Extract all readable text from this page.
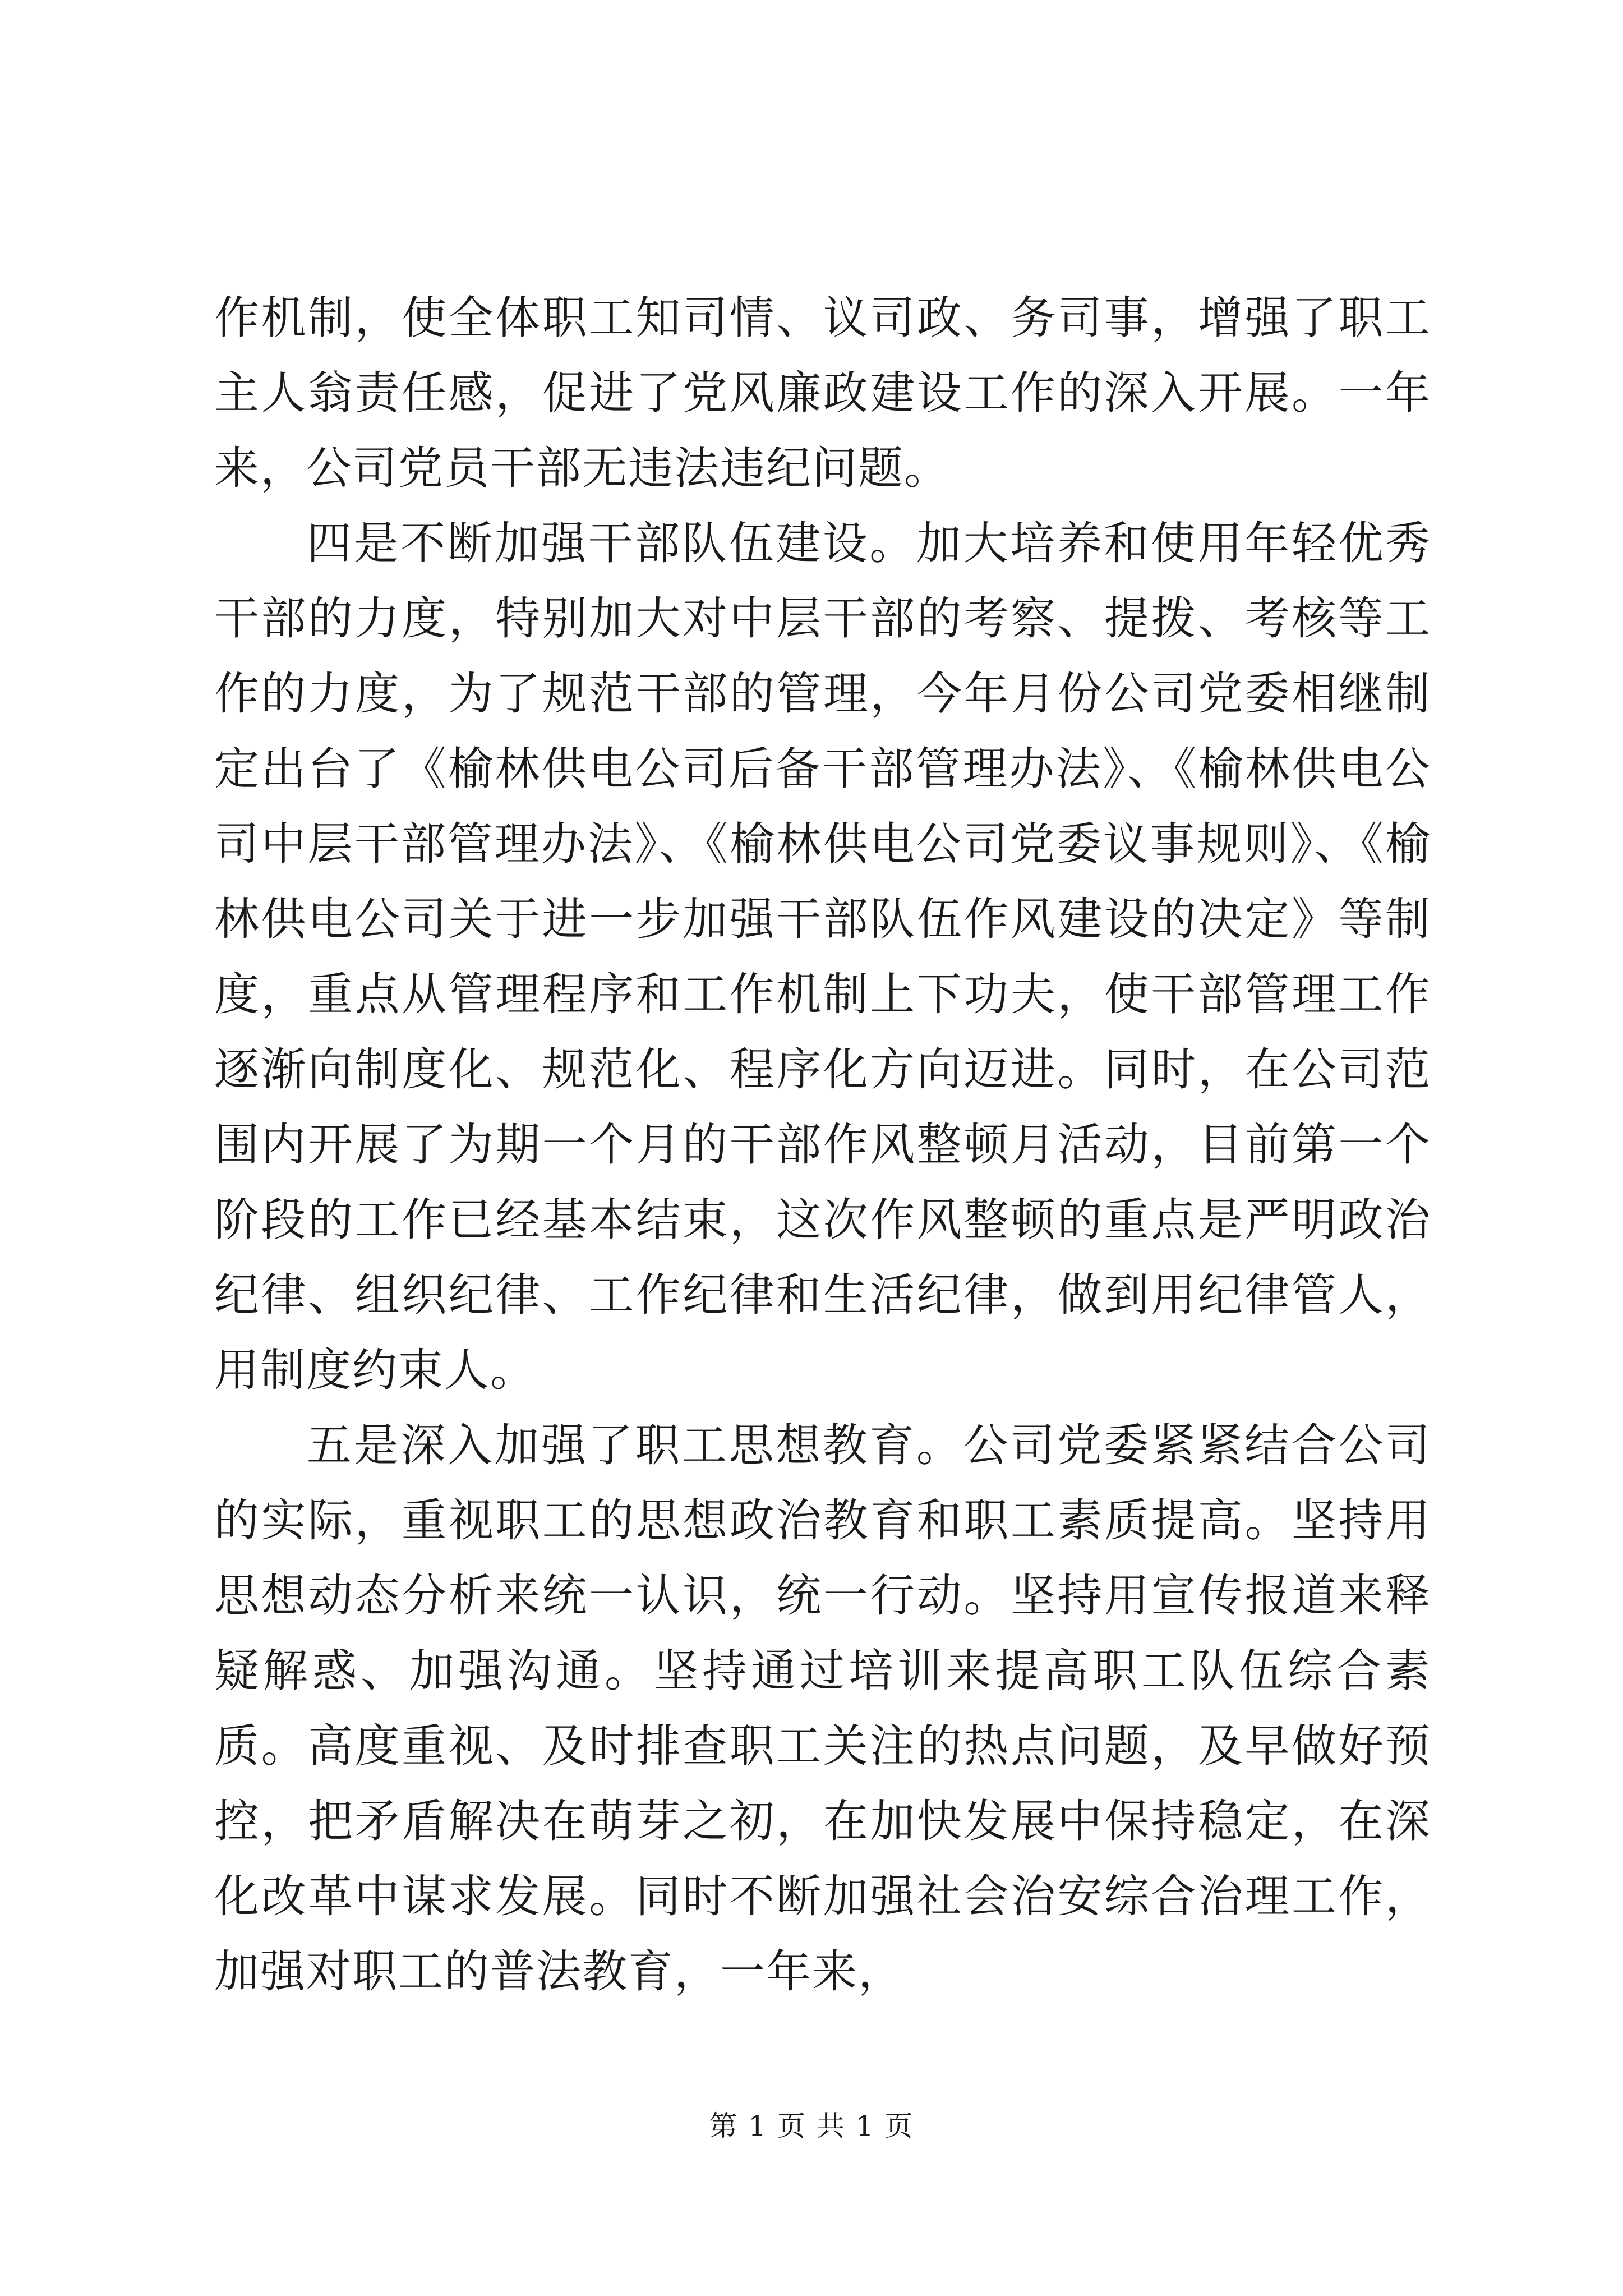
作机制，使全体职工知司情、议司政、务司事，增强了职工主人翁责任感，促进了党风廉政建设工作的深入开展。一年来，公司党员干部无违法违纪问题。

四是不断加强干部队伍建设。加大培养和使用年轻优秀干部的力度，特别加大对中层干部的考察、提拨、考核等工作的力度，为了规范干部的管理，今年月份公司党委相继制定出台了《榆林供电公司后备干部管理办法》、《榆林供电公司中层干部管理办法》、《榆林供电公司党委议事规则》、《榆林供电公司关于进一步加强干部队伍作风建设的决定》等制度，重点从管理程序和工作机制上下功夫，使干部管理工作逐渐向制度化、规范化、程序化方向迈进。同时，在公司范围内开展了为期一个月的干部作风整顿月活动，目前第一个阶段的工作已经基本结束，这次作风整顿的重点是严明政治纪律、组织纪律、工作纪律和生活纪律，做到用纪律管人，用制度约束人。

五是深入加强了职工思想教育。公司党委紧紧结合公司的实际，重视职工的思想政治教育和职工素质提高。坚持用思想动态分析来统一认识，统一行动。坚持用宣传报道来释疑解惑、加强沟通。坚持通过培训来提高职工队伍综合素质。高度重视、及时排查职工关注的热点问题，及早做好预控，把矛盾解决在萌芽之初，在加快发展中保持稳定，在深化改革中谋求发展。同时不断加强社会治安综合治理工作，加强对职工的普法教育，一年来，

第 1 页 共 1 页
